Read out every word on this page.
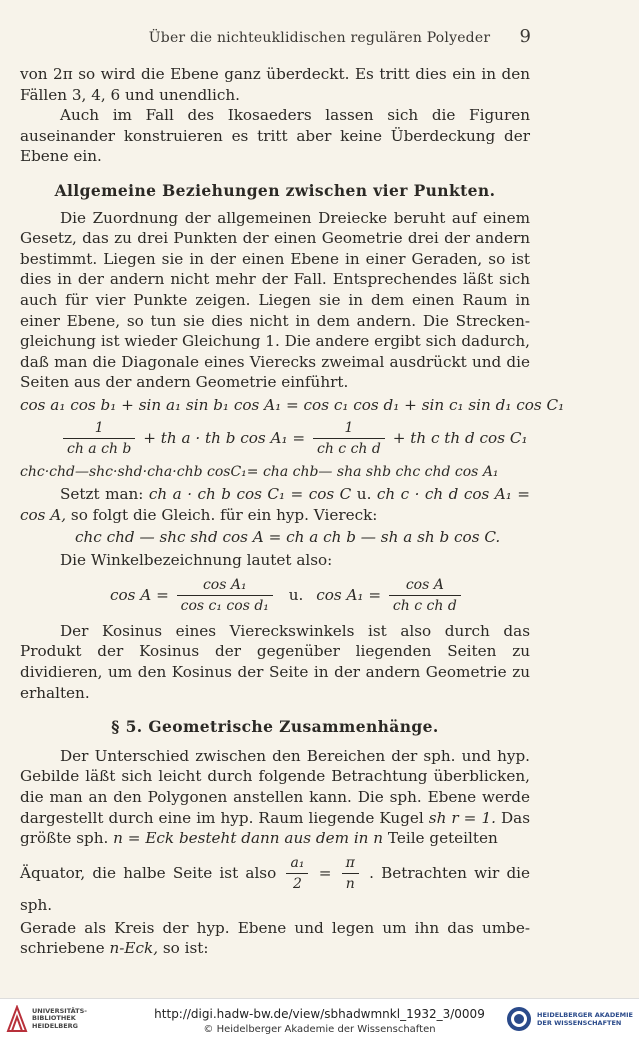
Über die nichteuklidischen regulären Polyeder	9

von 2π so wird die Ebene ganz überdeckt. Es tritt dies ein in den Fällen 3, 4, 6 und unendlich.

Auch im Fall des Ikosaeders lassen sich die Figuren auseinander konstruieren es tritt aber keine Überdeckung der Ebene ein.

Allgemeine Beziehungen zwischen vier Punkten.

Die Zuordnung der allgemeinen Dreiecke beruht auf einem Gesetz, das zu drei Punkten der einen Geometrie drei der andern bestimmt. Liegen sie in der einen Ebene in einer Geraden, so ist dies in der andern nicht mehr der Fall. Entsprechendes läßt sich auch für vier Punkte zeigen. Liegen sie in dem einen Raum in einer Ebene, so tun sie dies nicht in dem andern. Die Strecken-gleichung ist wieder Gleichung 1. Die andere ergibt sich dadurch, daß man die Diagonale eines Vierecks zweimal ausdrückt und die Seiten aus der andern Geometrie einführt.

cos a₁ cos b₁ + sin a₁ sin b₁ cos A₁ = cos c₁ cos d₁ + sin c₁ sin d₁ cos C₁
$\frac{1}{\text{ch a ch b}}$ + th a · th b $\cos A_1 = \frac{1}{\text{ch c ch d}}$ + th c th d cos C₁
chc·chd—shc·shd·cha·chb cosC₁= cha chb— sha shb chc chd cos A₁

Setzt man: ch a · ch b cos C₁ = cos C u. ch c · ch d cos A₁ = cos A, so folgt die Gleich. für ein hyp. Viereck:

chc chd — shc shd cos A = ch a ch b — sh a sh b cos C.

Die Winkelbezeichnung lautet also:

$\cos A = \frac{\text{cos A₁}}{\text{cos c₁ cos d₁}} u$. $\cos A_1 = \frac{\text{cos A}}{\text{ch c ch d}}$

Der Kosinus eines Viereckswinkels ist also durch das Produkt der Kosinus der gegenüber liegenden Seiten zu dividieren, um den Kosinus der Seite in der andern Geometrie zu erhalten.

§ 5. Geometrische Zusammenhänge.

Der Unterschied zwischen den Bereichen der sph. und hyp. Gebilde läßt sich leicht durch folgende Betrachtung überblicken, die man an den Polygonen anstellen kann. Die sph. Ebene werde dargestellt durch eine im hyp. Raum liegende Kugel sh r = 1. Das größte sph. n = Eck besteht dann aus dem in n Teile geteilten

Äquator, die halbe Seite ist also $\frac{\text{a₁}}{2} = \frac{\pi}{n}$ . Betrachten wir die sph.

Gerade als Kreis der hyp. Ebene und legen um ihn das umbe-schriebene n-Eck, so ist:

UNIVERSITÄTS-
BIBLIOTHEK
HEIDELBERG
http://digi.hadw-bw.de/view/sbhadwmnkl_1932_3/0009
© Heidelberger Akademie der Wissenschaften
HEIDELBERGER AKADEMIE
DER WISSENSCHAFTEN
